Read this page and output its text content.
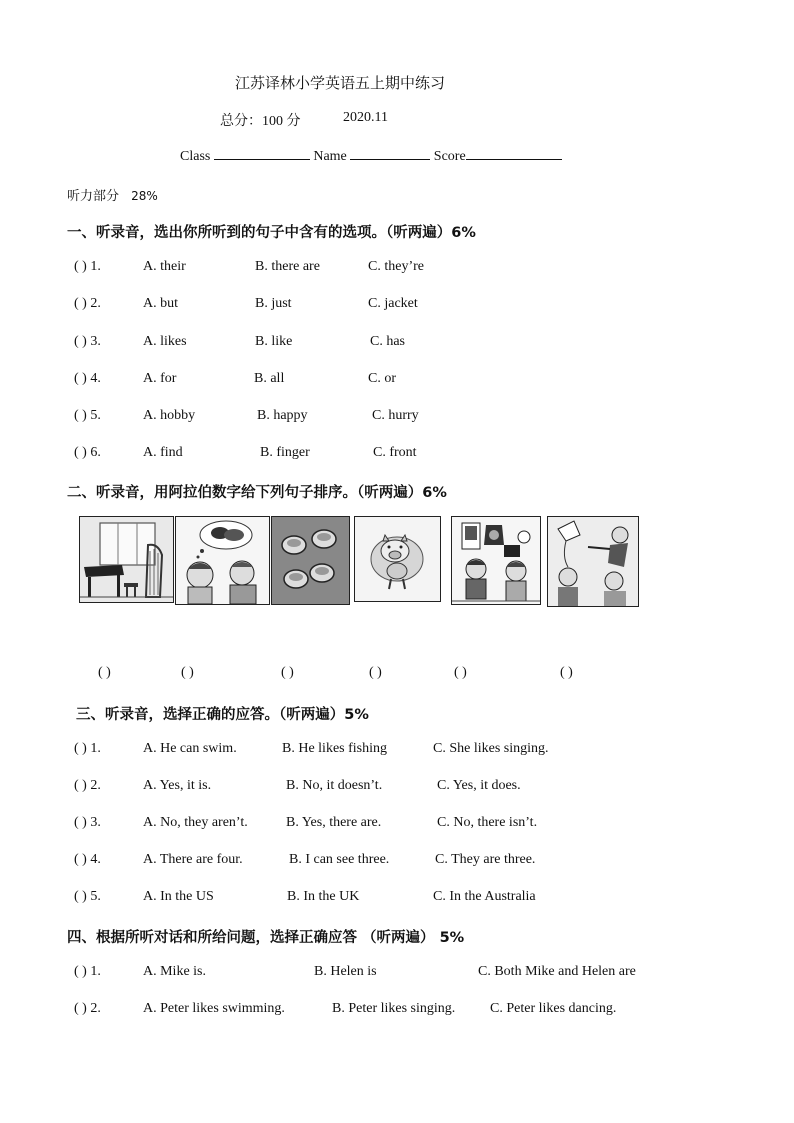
江苏译林小学英语五上期中练习
总分：100 分	2020.11
Class	Name	Score
听力部分 28%
一、听录音，选出你所听到的句子中含有的选项。（听两遍）6%
( ) 1.	A. their	B. there are	C. they’re
( ) 2.	A. but	B. just	C. jacket
( ) 3.	A. likes	B. like	C. has
( ) 4.	A. for	B. all	C. or
( ) 5.	A. hobby	B. happy	C. hurry
( ) 6.	A. find	B. finger	C. front
二、听录音，用阿拉伯数字给下列句子排序。（听两遍）6%
( )	( )	( )	( )	( )	( )
三、听录音，选择正确的应答。（听两遍）5%
( ) 1.	A. He can swim.	B. He likes fishing	C. She likes singing.
( ) 2.	A. Yes, it is.	B. No, it doesn’t.	C. Yes, it does.
( ) 3.	A. No, they aren’t.	B. Yes, there are.	C. No, there isn’t.
( ) 4.	A. There are four.	B. I can see three.	C. They are three.
( ) 5.	A. In the US	B. In the UK	C. In the Australia
四、根据所听对话和所给问题，选择正确应答 （听两遍） 5%
( ) 1.	A. Mike is.	B. Helen is	C. Both Mike and Helen are
( ) 2.	A. Peter likes swimming.	B. Peter likes singing. C. Peter likes dancing.
